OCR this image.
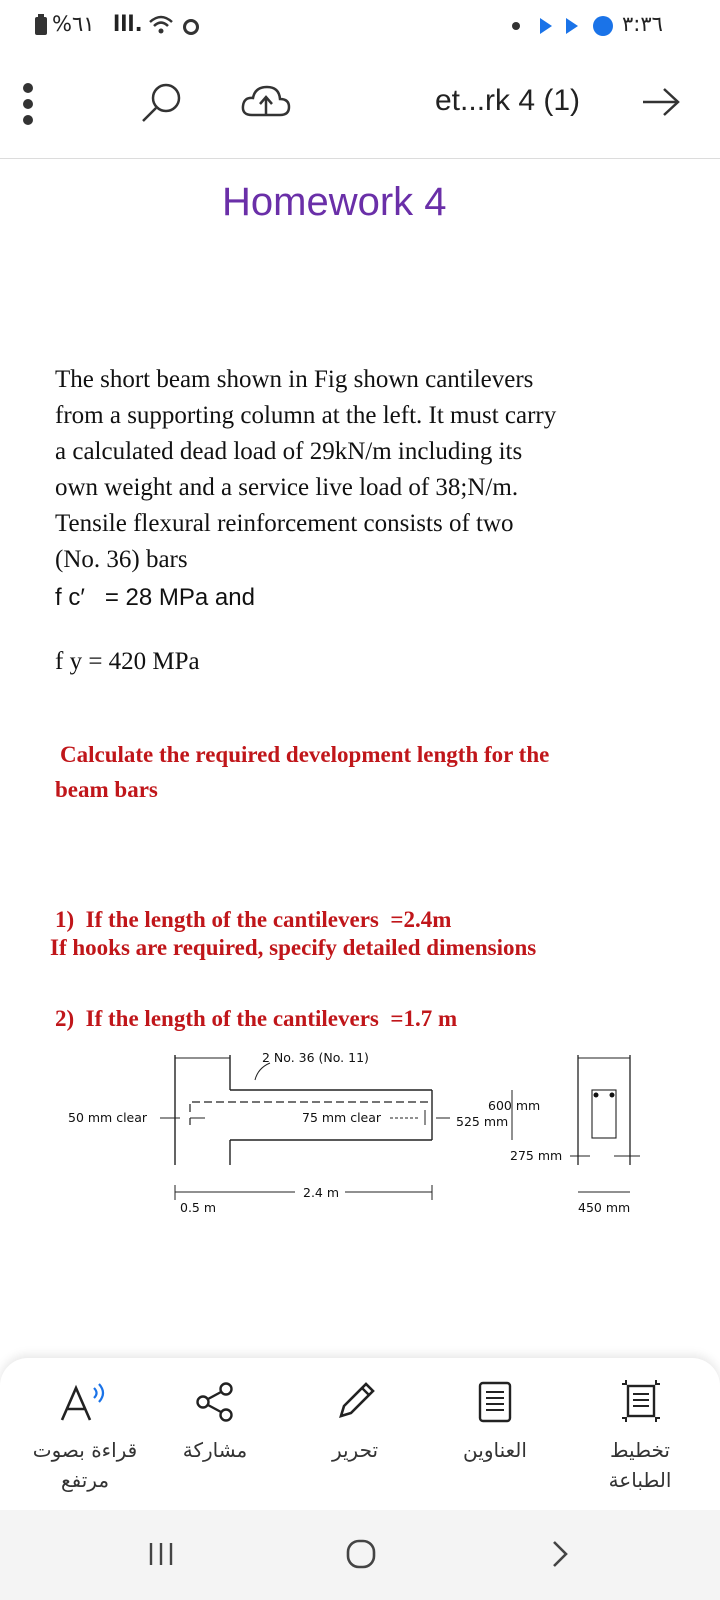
%٦١ lll.	٣:٣٦
et...rk 4 (1)
Homework 4
The short beam shown in Fig shown cantilevers
from a supporting column at the left. It must carry
a calculated dead load of 29kN/m including its
own weight and a service live load of 38;N/m.
Tensile flexural reinforcement consists of two
(No. 36) bars
f c′   = 28 MPa and
f y = 420 MPa
Calculate the required development length for the
beam bars

1)  If the length of the cantilevers  =2.4m

2)  If the length of the cantilevers  =1.7 m

If hooks are required, specify detailed dimensions
2 No. 36 (No. 11)
50 mm clear	75 mm clear
600 mm
525 mm
275 mm
2.4 m
0.5 m	450 mm
قراءة بصوت
مرتفع
مشاركة	تحرير	العناوين	تخطيط
الطباعة
